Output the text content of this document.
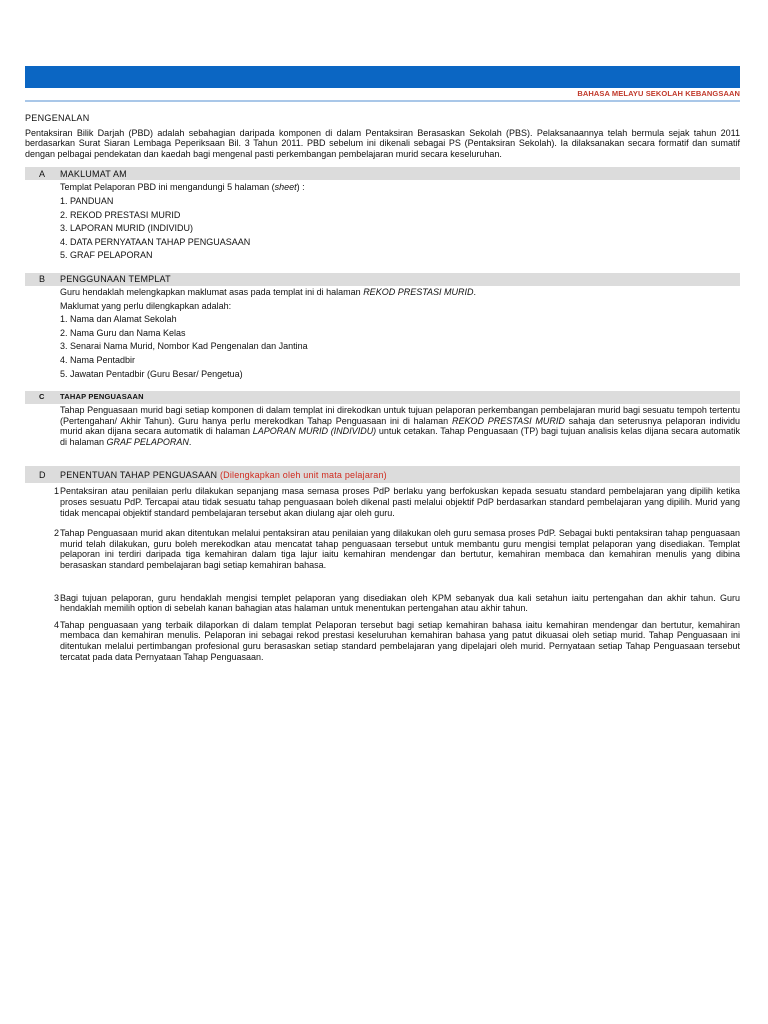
BAHASA MELAYU SEKOLAH KEBANGSAAN
PENGENALAN
Pentaksiran Bilik Darjah (PBD) adalah sebahagian daripada komponen di dalam Pentaksiran Berasaskan Sekolah (PBS). Pelaksanaannya telah bermula sejak tahun 2011 berdasarkan Surat Siaran Lembaga Peperiksaan Bil. 3 Tahun 2011. PBD sebelum ini dikenali sebagai PS (Pentaksiran Sekolah). Ia dilaksanakan secara formatif dan sumatif dengan pelbagai pendekatan dan kaedah bagi mengenal pasti perkembangan pembelajaran murid secara keseluruhan.
A	MAKLUMAT AM
Templat Pelaporan PBD ini mengandungi 5 halaman (sheet) :
1. PANDUAN
2. REKOD PRESTASI MURID
3. LAPORAN MURID (INDIVIDU)
4. DATA PERNYATAAN TAHAP PENGUASAAN
5. GRAF PELAPORAN
B	PENGGUNAAN TEMPLAT
Guru hendaklah melengkapkan maklumat asas pada templat ini di halaman REKOD PRESTASI MURID.
Maklumat yang perlu dilengkapkan adalah:
1. Nama dan Alamat Sekolah
2. Nama Guru dan Nama Kelas
3. Senarai Nama Murid, Nombor Kad Pengenalan dan Jantina
4. Nama Pentadbir
5. Jawatan Pentadbir (Guru Besar/ Pengetua)
C	TAHAP PENGUASAAN
Tahap Penguasaan murid bagi setiap komponen di dalam templat ini direkodkan untuk tujuan pelaporan perkembangan pembelajaran murid bagi sesuatu tempoh tertentu (Pertengahan/ Akhir Tahun). Guru hanya perlu merekodkan Tahap Penguasaan ini di halaman REKOD PRESTASI MURID sahaja dan seterusnya pelaporan individu murid akan dijana secara automatik di halaman LAPORAN MURID (INDIVIDU) untuk cetakan. Tahap Penguasaan (TP) bagi tujuan analisis kelas dijana secara automatik di halaman GRAF PELAPORAN.
D	PENENTUAN TAHAP PENGUASAAN (Dilengkapkan oleh unit mata pelajaran)
1 Pentaksiran atau penilaian perlu dilakukan sepanjang masa semasa proses PdP berlaku yang berfokuskan kepada sesuatu standard pembelajaran yang dipilih ketika proses sesuatu PdP. Tercapai atau tidak sesuatu tahap penguasaan boleh dikenal pasti melalui objektif PdP berdasarkan standard pembelajaran yang dipilih. Murid yang tidak mencapai objektif standard pembelajaran tersebut akan diulang ajar oleh guru.
2 Tahap Penguasaan murid akan ditentukan melalui pentaksiran atau penilaian yang dilakukan oleh guru semasa proses PdP. Sebagai bukti pentaksiran tahap penguasaan murid telah dilakukan, guru boleh merekodkan atau mencatat tahap penguasaan tersebut untuk membantu guru mengisi templat pelaporan yang disediakan. Templat pelaporan ini terdiri daripada tiga kemahiran dalam tiga lajur iaitu kemahiran mendengar dan bertutur, kemahiran membaca dan kemahiran menulis yang dibina berasaskan standard pembelajaran bagi setiap kemahiran bahasa.
3 Bagi tujuan pelaporan, guru hendaklah mengisi templet pelaporan yang disediakan oleh KPM sebanyak dua kali setahun iaitu pertengahan dan akhir tahun. Guru hendaklah memilih option di sebelah kanan bahagian atas halaman untuk menentukan pertengahan atau akhir tahun.
4 Tahap penguasaan yang terbaik dilaporkan di dalam templat Pelaporan tersebut bagi setiap kemahiran bahasa iaitu kemahiran mendengar dan bertutur, kemahiran membaca dan kemahiran menulis. Pelaporan ini sebagai rekod prestasi keseluruhan kemahiran bahasa yang patut dikuasai oleh setiap murid. Tahap Penguasaan ini ditentukan melalui pertimbangan profesional guru berasaskan setiap standard pembelajaran yang dipelajari oleh murid. Pernyataan setiap Tahap Penguasaan tersebut tercatat pada data Pernyataan Tahap Penguasaan.
